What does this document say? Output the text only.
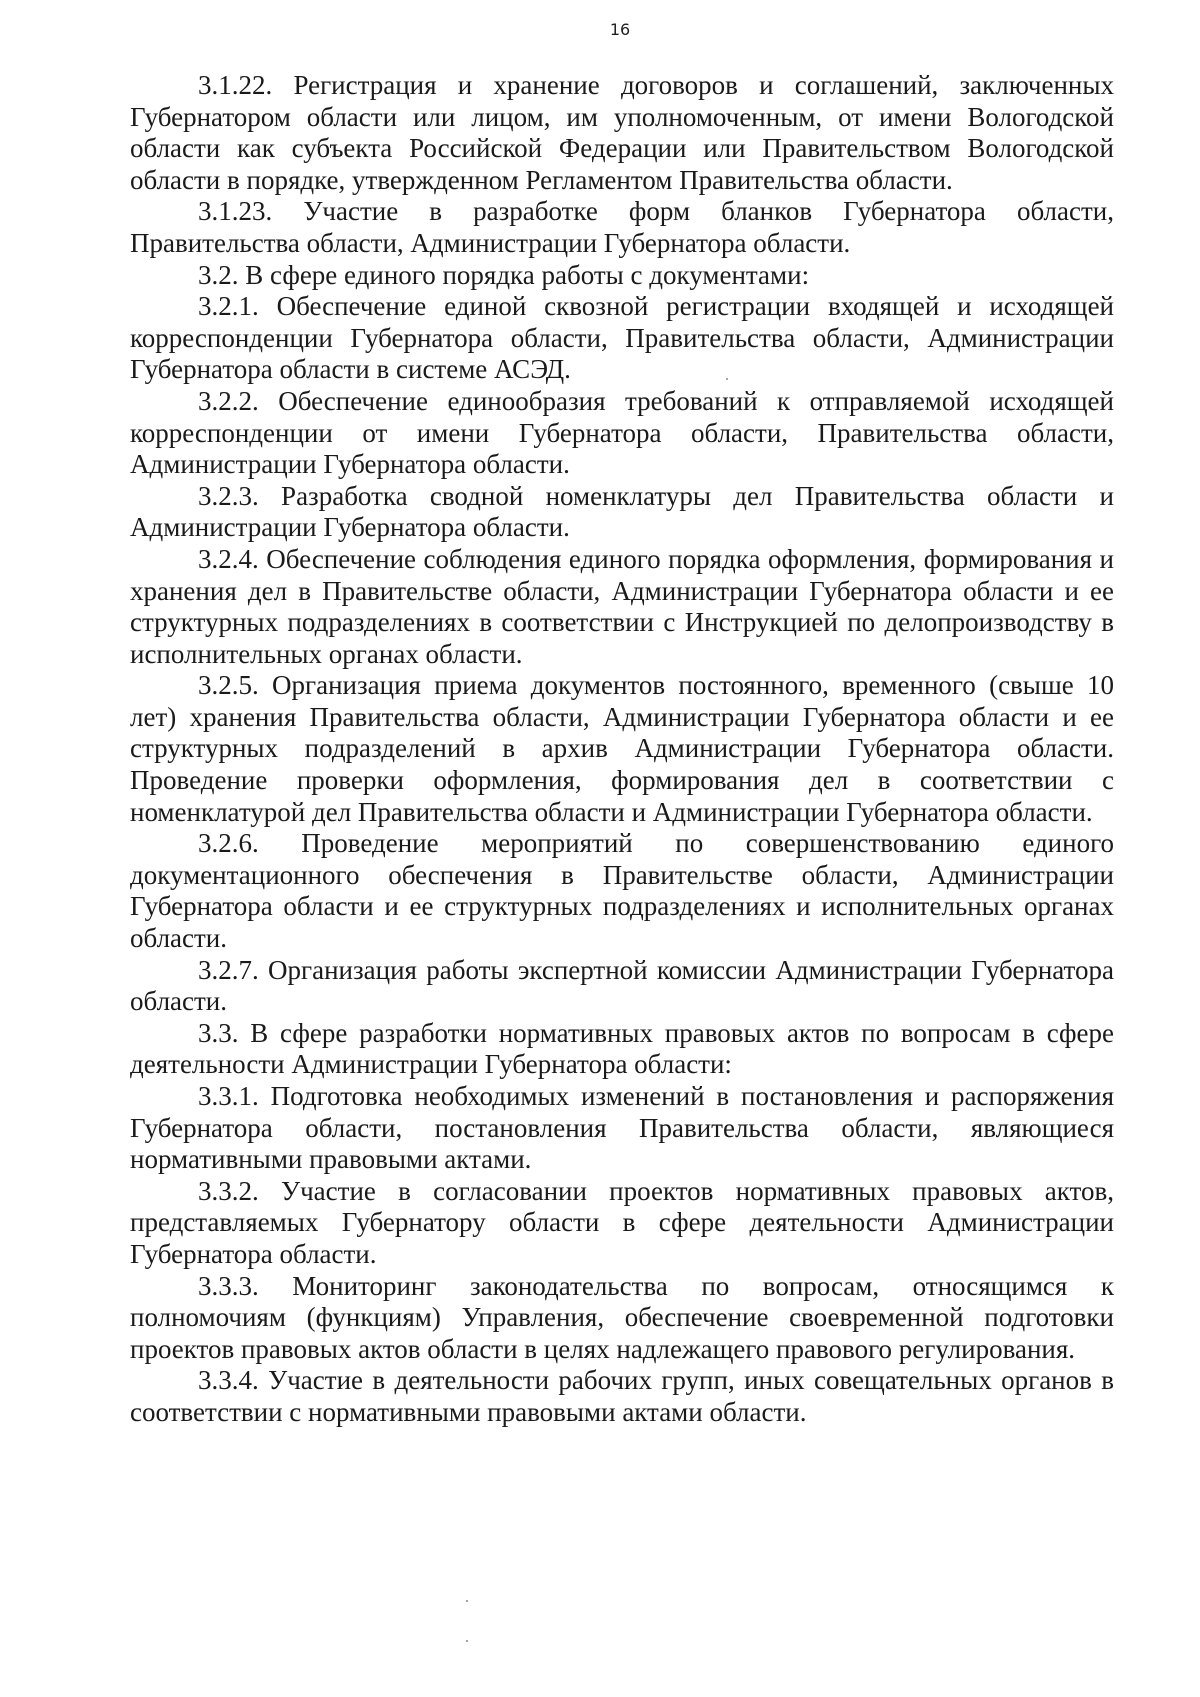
16

3.1.22. Регистрация и хранение договоров и соглашений, заключенных Губернатором области или лицом, им уполномоченным, от имени Вологодской области как субъекта Российской Федерации или Правительством Вологодской области в порядке, утвержденном Регламентом Правительства области.

3.1.23. Участие в разработке форм бланков Губернатора области, Правительства области, Администрации Губернатора области.

3.2. В сфере единого порядка работы с документами:

3.2.1. Обеспечение единой сквозной регистрации входящей и исходящей корреспонденции Губернатора области, Правительства области, Администрации Губернатора области в системе АСЭД.

3.2.2. Обеспечение единообразия требований к отправляемой исходящей корреспонденции от имени Губернатора области, Правительства области, Администрации Губернатора области.

3.2.3. Разработка сводной номенклатуры дел Правительства области и Администрации Губернатора области.

3.2.4. Обеспечение соблюдения единого порядка оформления, формирования и хранения дел в Правительстве области, Администрации Губернатора области и ее структурных подразделениях в соответствии с Инструкцией по делопроизводству в исполнительных органах области.

3.2.5. Организация приема документов постоянного, временного (свыше 10 лет) хранения Правительства области, Администрации Губернатора области и ее структурных подразделений в архив Администрации Губернатора области. Проведение проверки оформления, формирования дел в соответствии с номенклатурой дел Правительства области и Администрации Губернатора области.

3.2.6. Проведение мероприятий по совершенствованию единого документационного обеспечения в Правительстве области, Администрации Губернатора области и ее структурных подразделениях и исполнительных органах области.

3.2.7. Организация работы экспертной комиссии Администрации Губернатора области.

3.3. В сфере разработки нормативных правовых актов по вопросам в сфере деятельности Администрации Губернатора области:

3.3.1. Подготовка необходимых изменений в постановления и распоряжения Губернатора области, постановления Правительства области, являющиеся нормативными правовыми актами.

3.3.2. Участие в согласовании проектов нормативных правовых актов, представляемых Губернатору области в сфере деятельности Администрации Губернатора области.

3.3.3. Мониторинг законодательства по вопросам, относящимся к полномочиям (функциям) Управления, обеспечение своевременной подготовки проектов правовых актов области в целях надлежащего правового регулирования.

3.3.4. Участие в деятельности рабочих групп, иных совещательных органов в соответствии с нормативными правовыми актами области.
